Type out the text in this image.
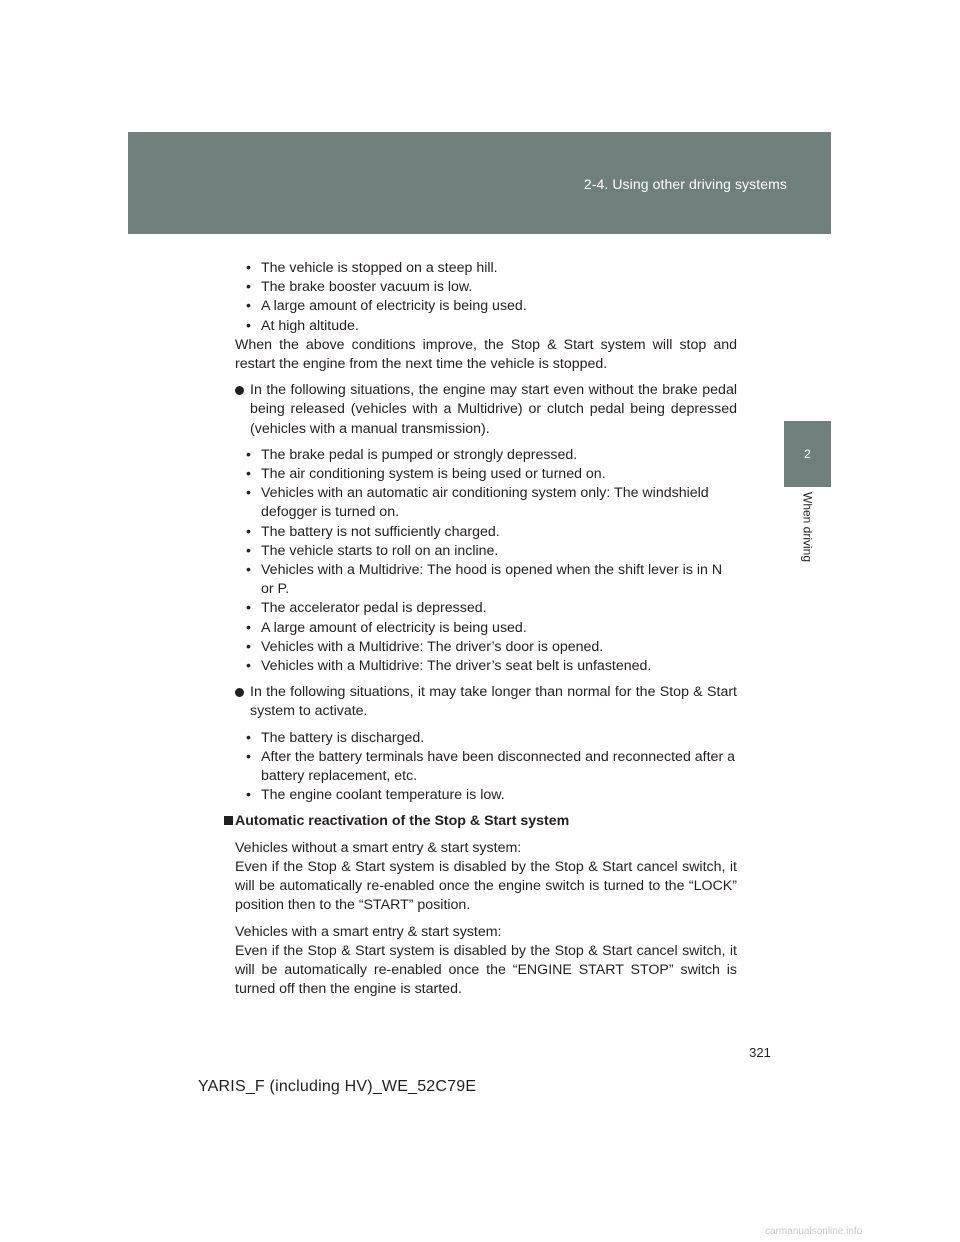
2-4. Using other driving systems
2
When driving
• The vehicle is stopped on a steep hill.
• The brake booster vacuum is low.
• A large amount of electricity is being used.
• At high altitude.

When the above conditions improve, the Stop & Start system will stop and restart the engine from the next time the vehicle is stopped.

In the following situations, the engine may start even without the brake pedal being released (vehicles with a Multidrive) or clutch pedal being depressed (vehicles with a manual transmission).
• The brake pedal is pumped or strongly depressed.
• The air conditioning system is being used or turned on.
• Vehicles with an automatic air conditioning system only: The windshield defogger is turned on.
• The battery is not sufficiently charged.
• The vehicle starts to roll on an incline.
• Vehicles with a Multidrive: The hood is opened when the shift lever is in N or P.
• The accelerator pedal is depressed.
• A large amount of electricity is being used.
• Vehicles with a Multidrive: The driver’s door is opened.
• Vehicles with a Multidrive: The driver’s seat belt is unfastened.
In the following situations, it may take longer than normal for the Stop & Start system to activate.
• The battery is discharged.
• After the battery terminals have been disconnected and reconnected after a battery replacement, etc.
• The engine coolant temperature is low.
Automatic reactivation of the Stop & Start system

Vehicles without a smart entry & start system:

Even if the Stop & Start system is disabled by the Stop & Start cancel switch, it will be automatically re-enabled once the engine switch is turned to the “LOCK” position then to the “START” position.

Vehicles with a smart entry & start system:

Even if the Stop & Start system is disabled by the Stop & Start cancel switch, it will be automatically re-enabled once the “ENGINE START STOP” switch is turned off then the engine is started.

321
YARIS_F (including HV)_WE_52C79E
carmanualsonline.info
